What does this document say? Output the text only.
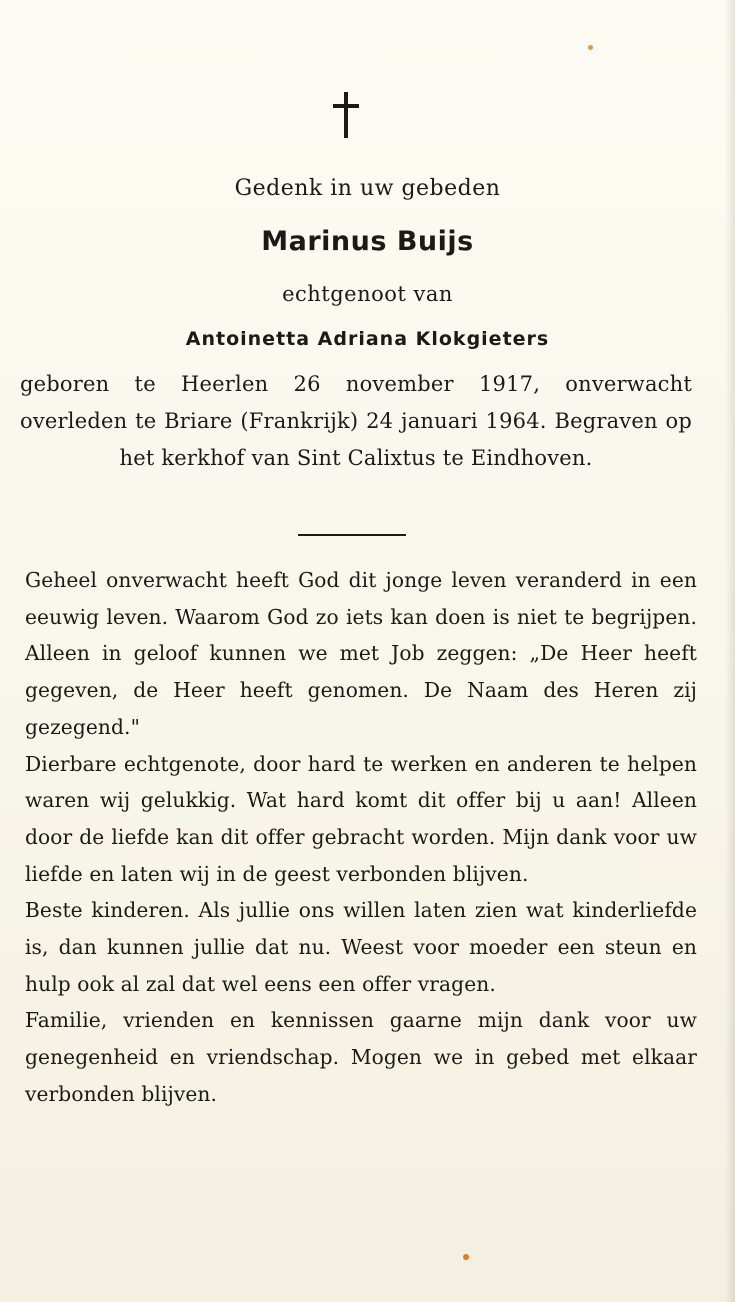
Gedenk in uw gebeden
Marinus Buijs
echtgenoot van
Antoinetta Adriana Klokgieters
geboren te Heerlen 26 november 1917, onverwacht overleden te Briare (Frankrijk) 24 januari 1964. Begraven op het kerkhof van Sint Calixtus te Eindhoven.

Geheel onverwacht heeft God dit jonge leven veranderd in een eeuwig leven. Waarom God zo iets kan doen is niet te begrijpen. Alleen in geloof kunnen we met Job zeggen: „De Heer heeft gegeven, de Heer heeft genomen. De Naam des Heren zij gezegend."

Dierbare echtgenote, door hard te werken en anderen te helpen waren wij gelukkig. Wat hard komt dit offer bij u aan! Alleen door de liefde kan dit offer gebracht worden. Mijn dank voor uw liefde en laten wij in de geest verbonden blijven.

Beste kinderen. Als jullie ons willen laten zien wat kinderliefde is, dan kunnen jullie dat nu. Weest voor moeder een steun en hulp ook al zal dat wel eens een offer vragen.

Familie, vrienden en kennissen gaarne mijn dank voor uw genegenheid en vriendschap. Mogen we in gebed met elkaar verbonden blijven.
